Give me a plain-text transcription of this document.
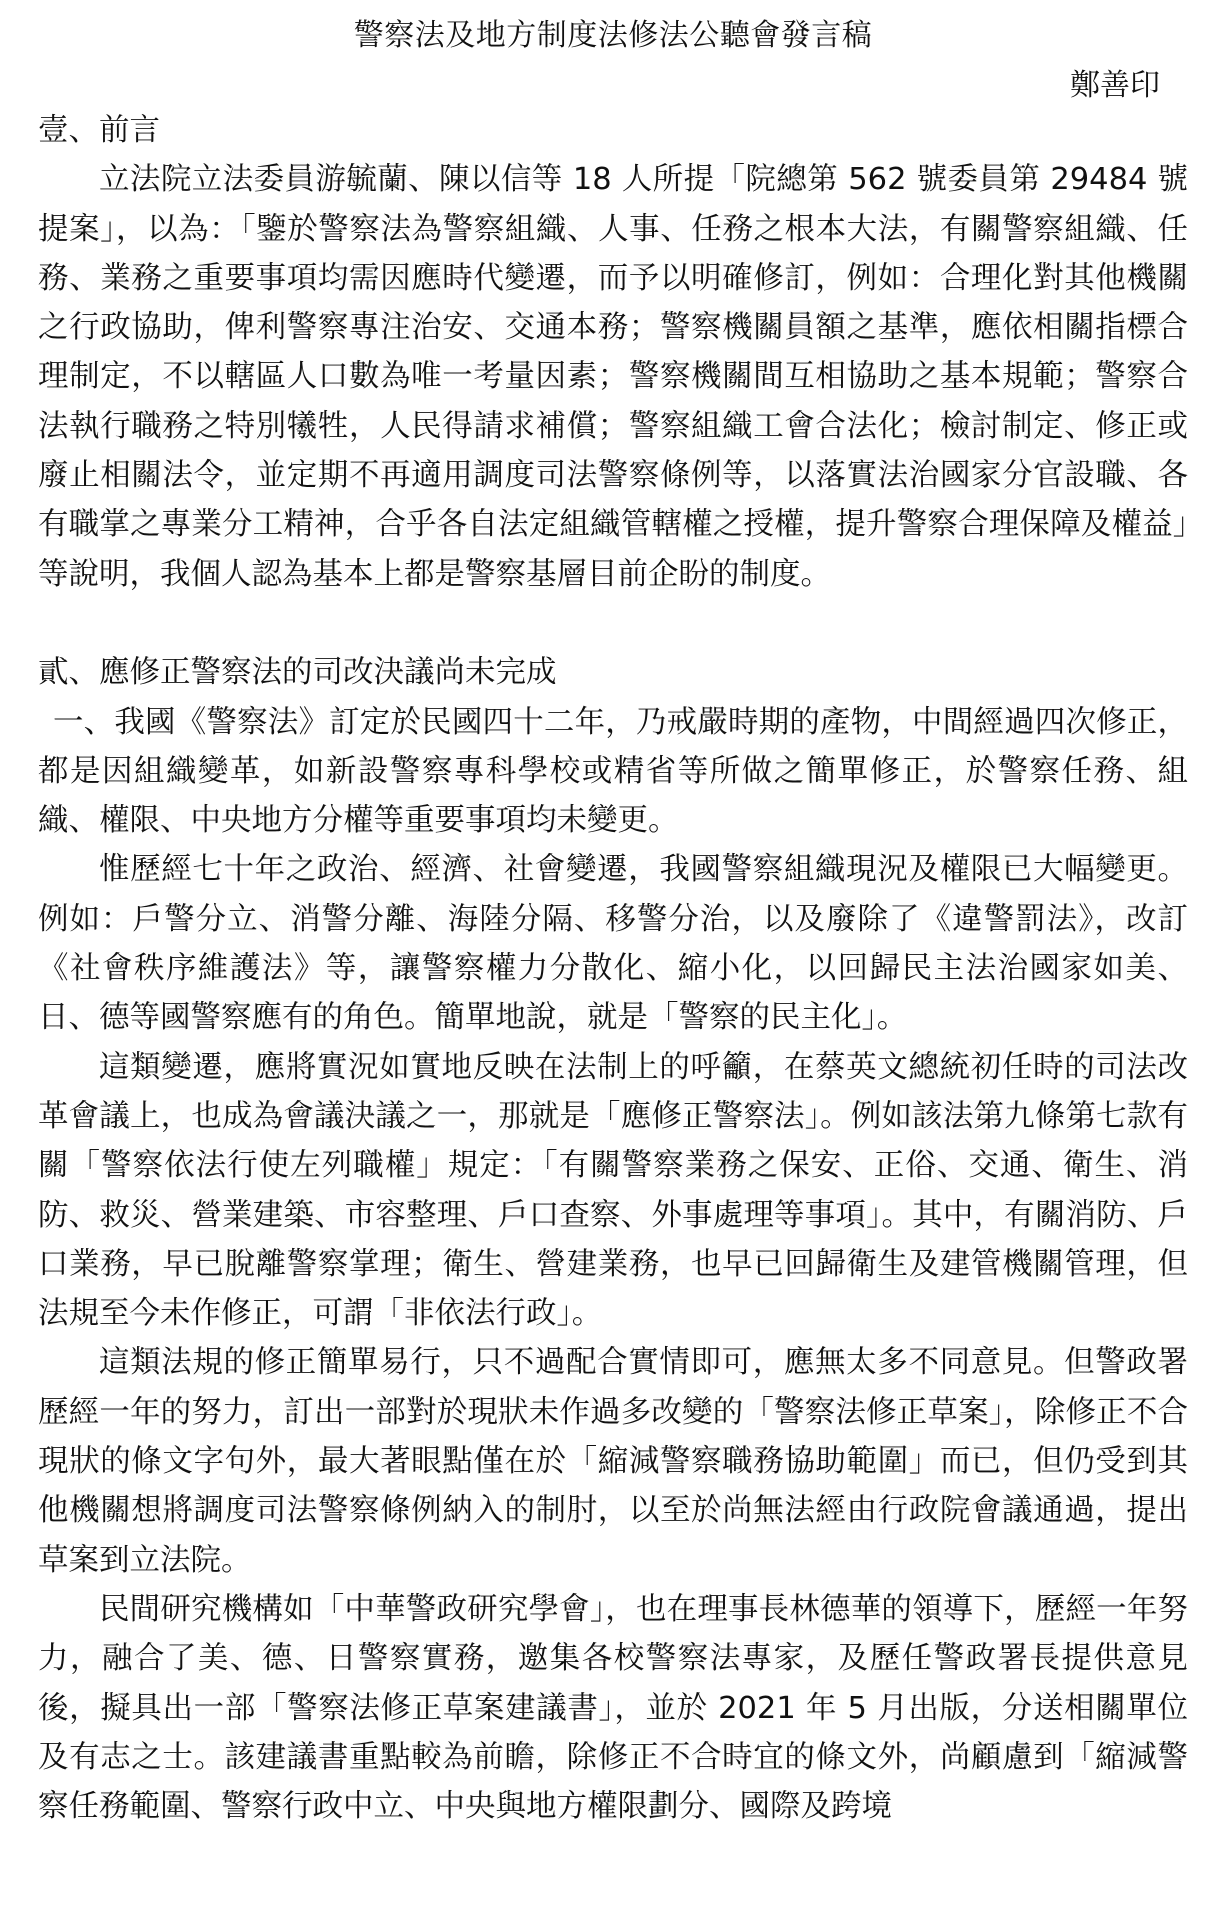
警察法及地方制度法修法公聽會發言稿
鄭善印

壹、前言

立法院立法委員游毓蘭、陳以信等 18 人所提「院總第 562 號委員第 29484 號提案」，以為：「鑒於警察法為警察組織、人事、任務之根本大法，有關警察組織、任務、業務之重要事項均需因應時代變遷，而予以明確修訂，例如：合理化對其他機關之行政協助，俾利警察專注治安、交通本務；警察機關員額之基準，應依相關指標合理制定，不以轄區人口數為唯一考量因素；警察機關間互相協助之基本規範；警察合法執行職務之特別犧牲，人民得請求補償；警察組織工會合法化；檢討制定、修正或廢止相關法令，並定期不再適用調度司法警察條例等，以落實法治國家分官設職、各有職掌之專業分工精神，合乎各自法定組織管轄權之授權，提升警察合理保障及權益」等說明，我個人認為基本上都是警察基層目前企盼的制度。

貳、應修正警察法的司改決議尚未完成

一、我國《警察法》訂定於民國四十二年，乃戒嚴時期的產物，中間經過四次修正，都是因組織變革，如新設警察專科學校或精省等所做之簡單修正，於警察任務、組織、權限、中央地方分權等重要事項均未變更。

惟歷經七十年之政治、經濟、社會變遷，我國警察組織現況及權限已大幅變更。例如：戶警分立、消警分離、海陸分隔、移警分治，以及廢除了《違警罰法》，改訂《社會秩序維護法》等，讓警察權力分散化、縮小化，以回歸民主法治國家如美、日、德等國警察應有的角色。簡單地說，就是「警察的民主化」。

這類變遷，應將實況如實地反映在法制上的呼籲，在蔡英文總統初任時的司法改革會議上，也成為會議決議之一，那就是「應修正警察法」。例如該法第九條第七款有關「警察依法行使左列職權」規定：「有關警察業務之保安、正俗、交通、衛生、消防、救災、營業建築、市容整理、戶口查察、外事處理等事項」。其中，有關消防、戶口業務，早已脫離警察掌理；衛生、營建業務，也早已回歸衛生及建管機關管理，但法規至今未作修正，可謂「非依法行政」。

這類法規的修正簡單易行，只不過配合實情即可，應無太多不同意見。但警政署歷經一年的努力，訂出一部對於現狀未作過多改變的「警察法修正草案」，除修正不合現狀的條文字句外，最大著眼點僅在於「縮減警察職務協助範圍」而已，但仍受到其他機關想將調度司法警察條例納入的制肘，以至於尚無法經由行政院會議通過，提出草案到立法院。

民間研究機構如「中華警政研究學會」，也在理事長林德華的領導下，歷經一年努力，融合了美、德、日警察實務，邀集各校警察法專家，及歷任警政署長提供意見後，擬具出一部「警察法修正草案建議書」，並於 2021 年 5 月出版，分送相關單位及有志之士。該建議書重點較為前瞻，除修正不合時宜的條文外，尚顧慮到「縮減警察任務範圍、警察行政中立、中央與地方權限劃分、國際及跨境
